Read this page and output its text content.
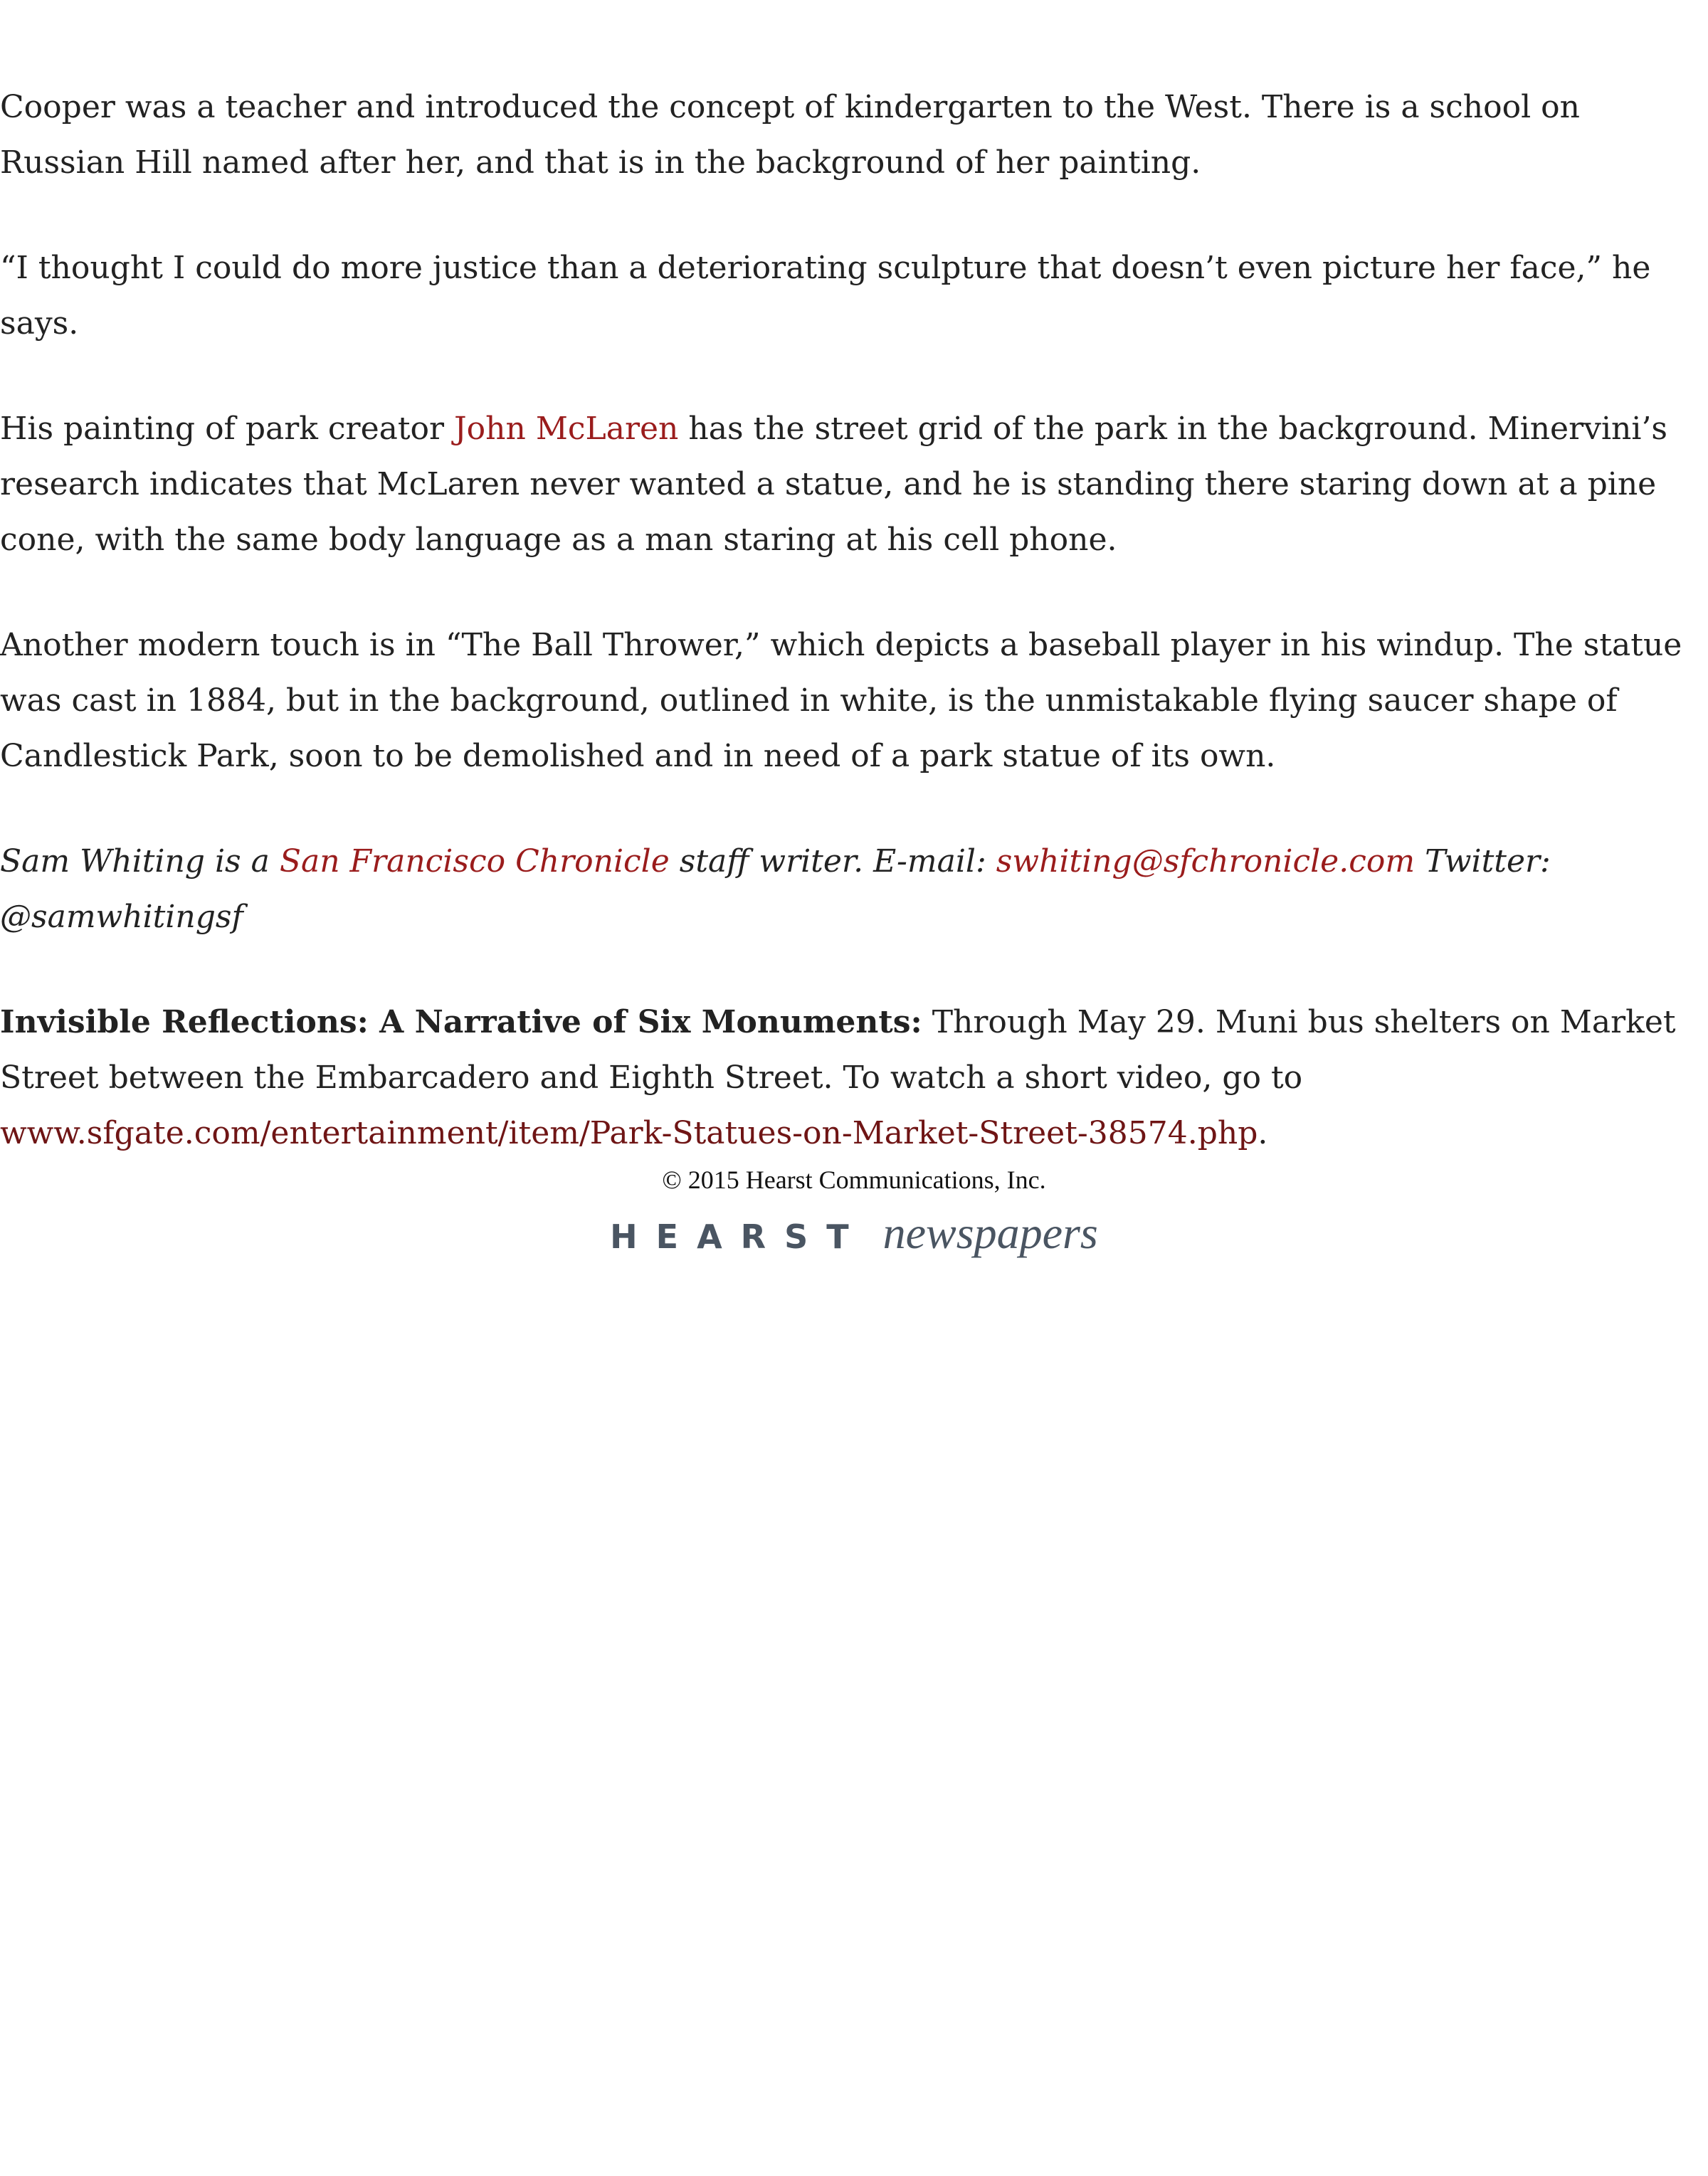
Cooper was a teacher and introduced the concept of kindergarten to the West. There is a school on Russian Hill named after her, and that is in the background of her painting.

“I thought I could do more justice than a deteriorating sculpture that doesn’t even picture her face,” he says.

His painting of park creator John McLaren has the street grid of the park in the background. Minervini’s research indicates that McLaren never wanted a statue, and he is standing there staring down at a pine cone, with the same body language as a man staring at his cell phone.

Another modern touch is in “The Ball Thrower,” which depicts a baseball player in his windup. The statue was cast in 1884, but in the background, outlined in white, is the unmistakable flying saucer shape of Candlestick Park, soon to be demolished and in need of a park statue of its own.

Sam Whiting is a San Francisco Chronicle staff writer. E-mail: swhiting@sfchronicle.com Twitter: @samwhitingsf

Invisible Reflections: A Narrative of Six Monuments: Through May 29. Muni bus shelters on Market Street between the Embarcadero and Eighth Street. To watch a short video, go to www.sfgate.com/entertainment/item/Park-Statues-on-Market-Street-38574.php.

© 2015 Hearst Communications, Inc.

HEARST newspapers
